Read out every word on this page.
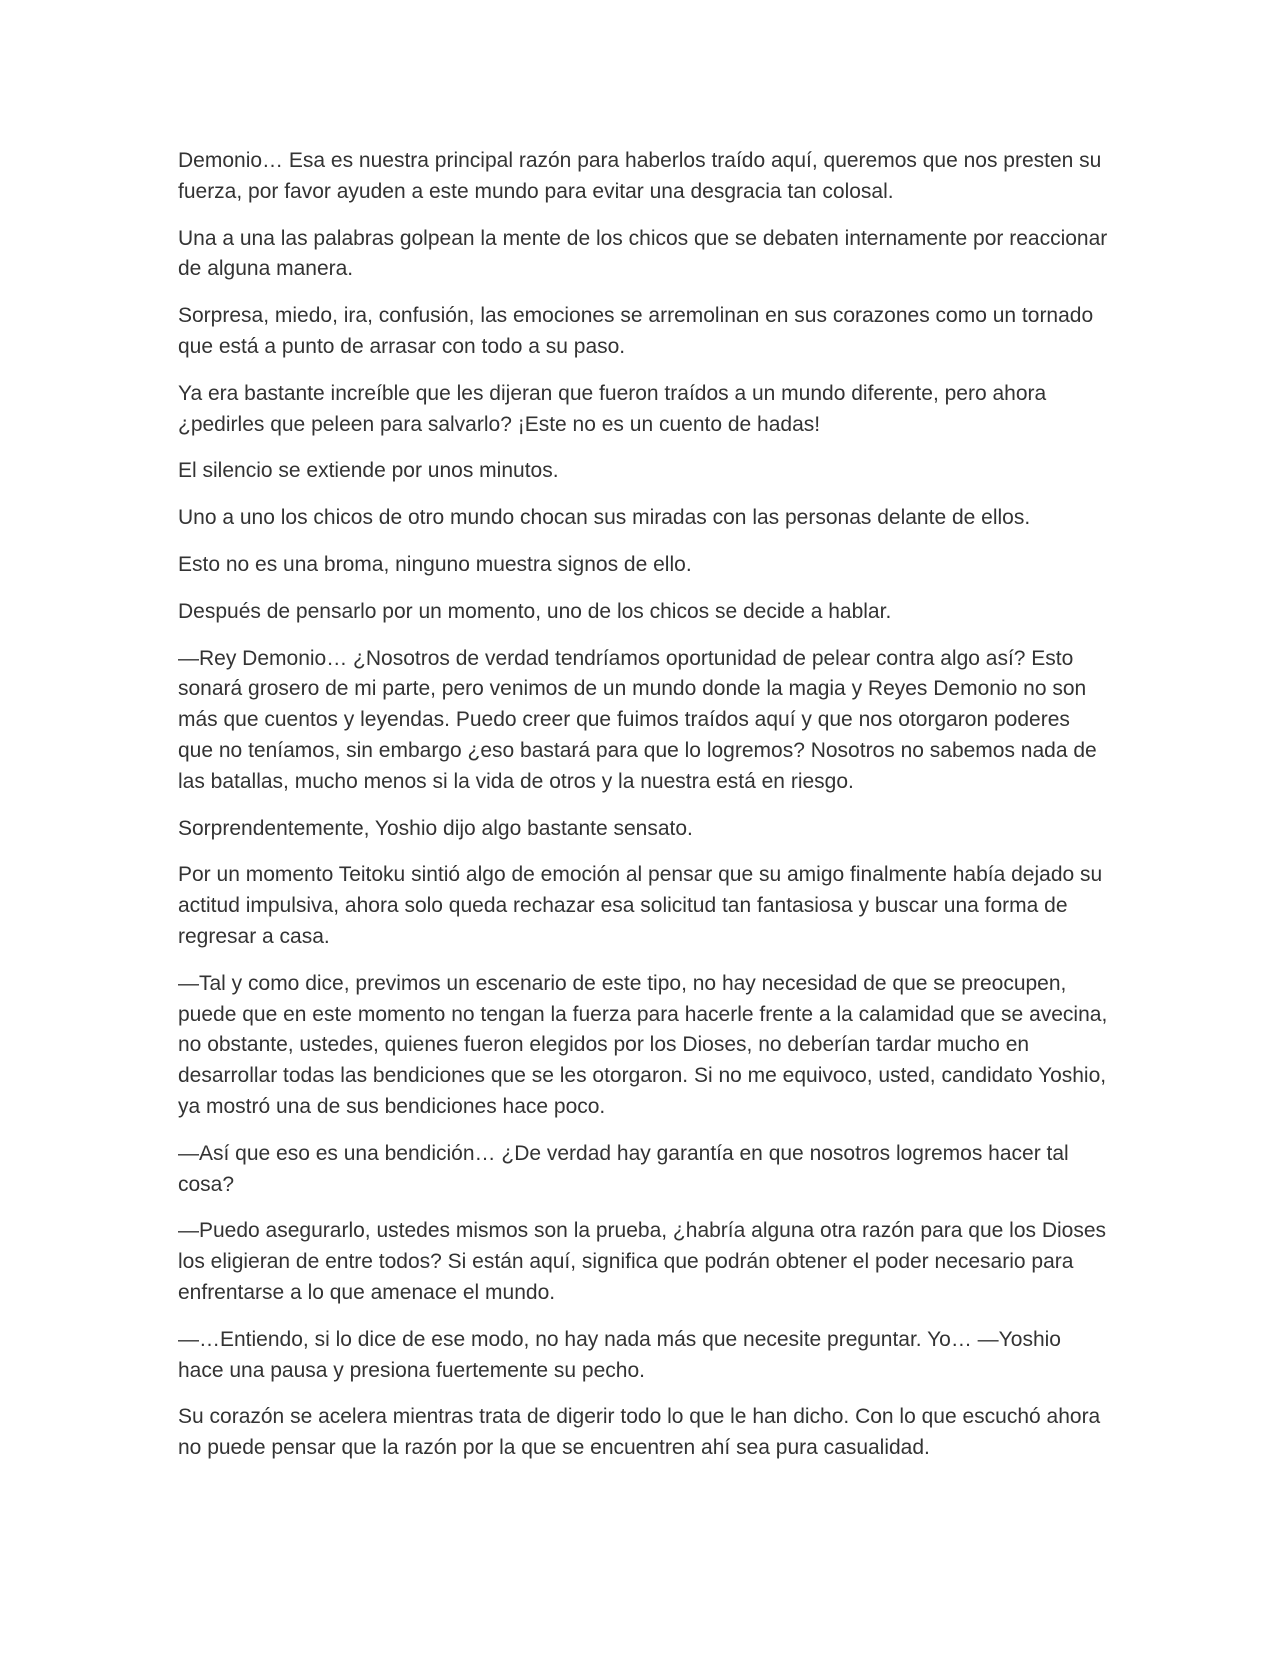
Demonio… Esa es nuestra principal razón para haberlos traído aquí, queremos que nos presten su fuerza, por favor ayuden a este mundo para evitar una desgracia tan colosal.

Una a una las palabras golpean la mente de los chicos que se debaten internamente por reaccionar de alguna manera.

Sorpresa, miedo, ira, confusión, las emociones se arremolinan en sus corazones como un tornado que está a punto de arrasar con todo a su paso.

Ya era bastante increíble que les dijeran que fueron traídos a un mundo diferente, pero ahora ¿pedirles que peleen para salvarlo? ¡Este no es un cuento de hadas!

El silencio se extiende por unos minutos.

Uno a uno los chicos de otro mundo chocan sus miradas con las personas delante de ellos.

Esto no es una broma, ninguno muestra signos de ello.

Después de pensarlo por un momento, uno de los chicos se decide a hablar.

—Rey Demonio… ¿Nosotros de verdad tendríamos oportunidad de pelear contra algo así? Esto sonará grosero de mi parte, pero venimos de un mundo donde la magia y Reyes Demonio no son más que cuentos y leyendas. Puedo creer que fuimos traídos aquí y que nos otorgaron poderes que no teníamos, sin embargo ¿eso bastará para que lo logremos? Nosotros no sabemos nada de las batallas, mucho menos si la vida de otros y la nuestra está en riesgo.

Sorprendentemente, Yoshio dijo algo bastante sensato.

Por un momento Teitoku sintió algo de emoción al pensar que su amigo finalmente había dejado su actitud impulsiva, ahora solo queda rechazar esa solicitud tan fantasiosa y buscar una forma de regresar a casa.

—Tal y como dice, previmos un escenario de este tipo, no hay necesidad de que se preocupen, puede que en este momento no tengan la fuerza para hacerle frente a la calamidad que se avecina, no obstante, ustedes, quienes fueron elegidos por los Dioses, no deberían tardar mucho en desarrollar todas las bendiciones que se les otorgaron. Si no me equivoco, usted, candidato Yoshio, ya mostró una de sus bendiciones hace poco.

—Así que eso es una bendición… ¿De verdad hay garantía en que nosotros logremos hacer tal cosa?

—Puedo asegurarlo, ustedes mismos son la prueba, ¿habría alguna otra razón para que los Dioses los eligieran de entre todos? Si están aquí, significa que podrán obtener el poder necesario para enfrentarse a lo que amenace el mundo.

—…Entiendo, si lo dice de ese modo, no hay nada más que necesite preguntar. Yo… —Yoshio hace una pausa y presiona fuertemente su pecho.

Su corazón se acelera mientras trata de digerir todo lo que le han dicho. Con lo que escuchó ahora no puede pensar que la razón por la que se encuentren ahí sea pura casualidad.
